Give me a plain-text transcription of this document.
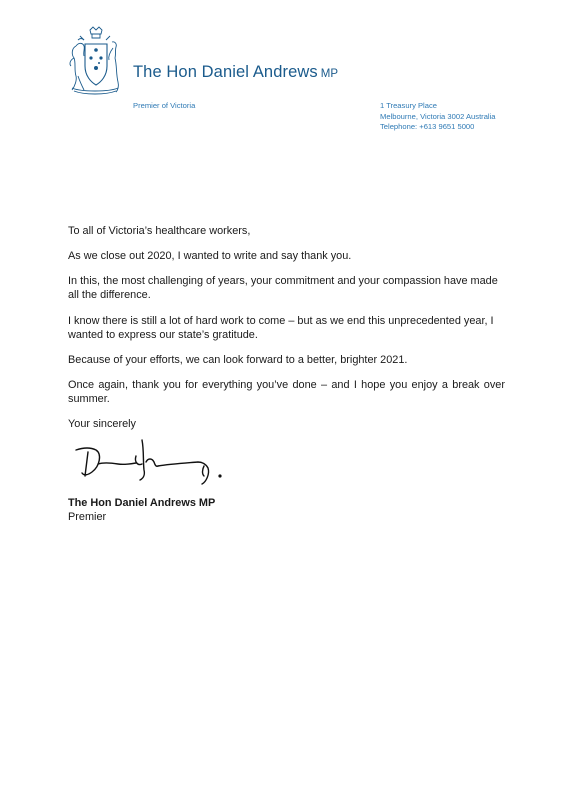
The Hon Daniel Andrews MP
Premier of Victoria	1 Treasury Place
Melbourne, Victoria 3002 Australia
Telephone: +613 9651 5000

To all of Victoria’s healthcare workers,

As we close out 2020, I wanted to write and say thank you.

In this, the most challenging of years, your commitment and your compassion have made all the difference.

I know there is still a lot of hard work to come – but as we end this unprecedented year, I wanted to express our state’s gratitude.

Because of your efforts, we can look forward to a better, brighter 2021.

Once again, thank you for everything you’ve done – and I hope you enjoy a break over summer.

Your sincerely

The Hon Daniel Andrews MP
Premier
